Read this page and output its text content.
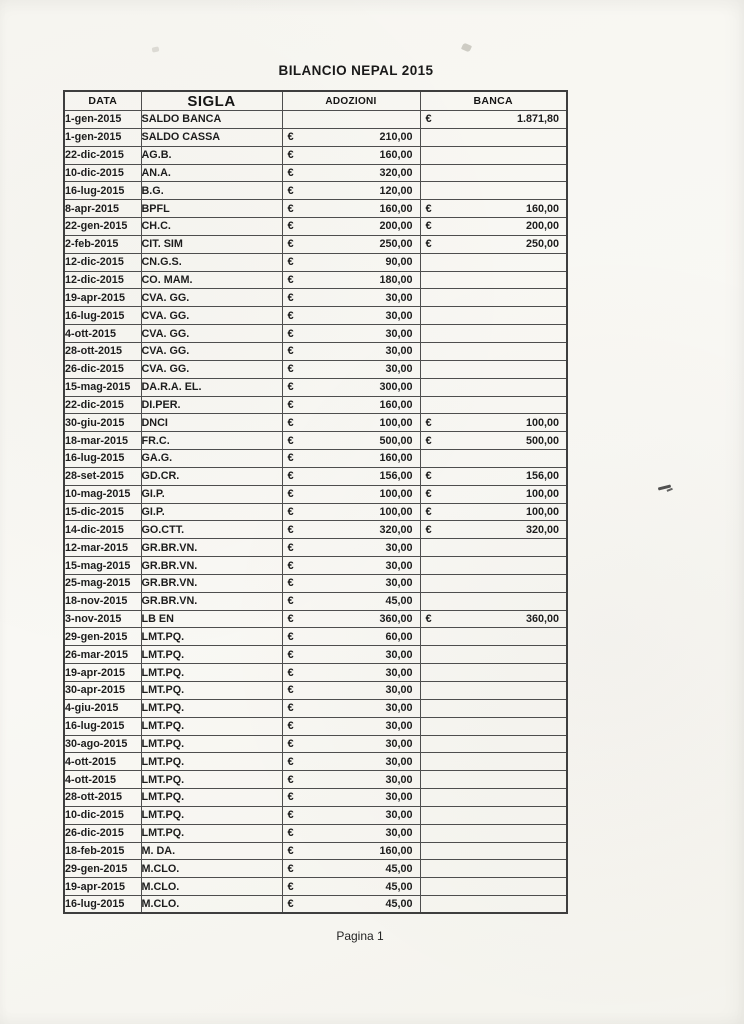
BILANCIO NEPAL 2015
DATA	SIGLA	ADOZIONI	BANCA
1-gen-2015	SALDO BANCA		€ 1.871,80

1-gen-2015	SALDO CASSA	€ 210,00	

22-dic-2015	AG.B.	€ 160,00	

10-dic-2015	AN.A.	€ 320,00	

16-lug-2015	B.G.	€ 120,00	

8-apr-2015	BPFL	€ 160,00	€ 160,00

22-gen-2015	CH.C.	€ 200,00	€ 200,00

2-feb-2015	CIT. SIM	€ 250,00	€ 250,00

12-dic-2015	CN.G.S.	€ 90,00	

12-dic-2015	CO. MAM.	€ 180,00	

19-apr-2015	CVA. GG.	€ 30,00	

16-lug-2015	CVA. GG.	€ 30,00	

4-ott-2015	CVA. GG.	€ 30,00	

28-ott-2015	CVA. GG.	€ 30,00	

26-dic-2015	CVA. GG.	€ 30,00	

15-mag-2015	DA.R.A. EL.	€ 300,00	

22-dic-2015	DI.PER.	€ 160,00	

30-giu-2015	DNCI	€ 100,00	€ 100,00

18-mar-2015	FR.C.	€ 500,00	€ 500,00

16-lug-2015	GA.G.	€ 160,00	

28-set-2015	GD.CR.	€ 156,00	€ 156,00

10-mag-2015	GI.P.	€ 100,00	€ 100,00

15-dic-2015	GI.P.	€ 100,00	€ 100,00

14-dic-2015	GO.CTT.	€ 320,00	€ 320,00

12-mar-2015	GR.BR.VN.	€ 30,00	

15-mag-2015	GR.BR.VN.	€ 30,00	

25-mag-2015	GR.BR.VN.	€ 30,00	

18-nov-2015	GR.BR.VN.	€ 45,00	

3-nov-2015	LB EN	€ 360,00	€ 360,00

29-gen-2015	LMT.PQ.	€ 60,00	

26-mar-2015	LMT.PQ.	€ 30,00	

19-apr-2015	LMT.PQ.	€ 30,00	

30-apr-2015	LMT.PQ.	€ 30,00	

4-giu-2015	LMT.PQ.	€ 30,00	

16-lug-2015	LMT.PQ.	€ 30,00	

30-ago-2015	LMT.PQ.	€ 30,00	

4-ott-2015	LMT.PQ.	€ 30,00	

4-ott-2015	LMT.PQ.	€ 30,00	

28-ott-2015	LMT.PQ.	€ 30,00	

10-dic-2015	LMT.PQ.	€ 30,00	

26-dic-2015	LMT.PQ.	€ 30,00	

18-feb-2015	M. DA.	€ 160,00	

29-gen-2015	M.CLO.	€ 45,00	

19-apr-2015	M.CLO.	€ 45,00	

16-lug-2015	M.CLO.	€ 45,00	

Pagina 1
